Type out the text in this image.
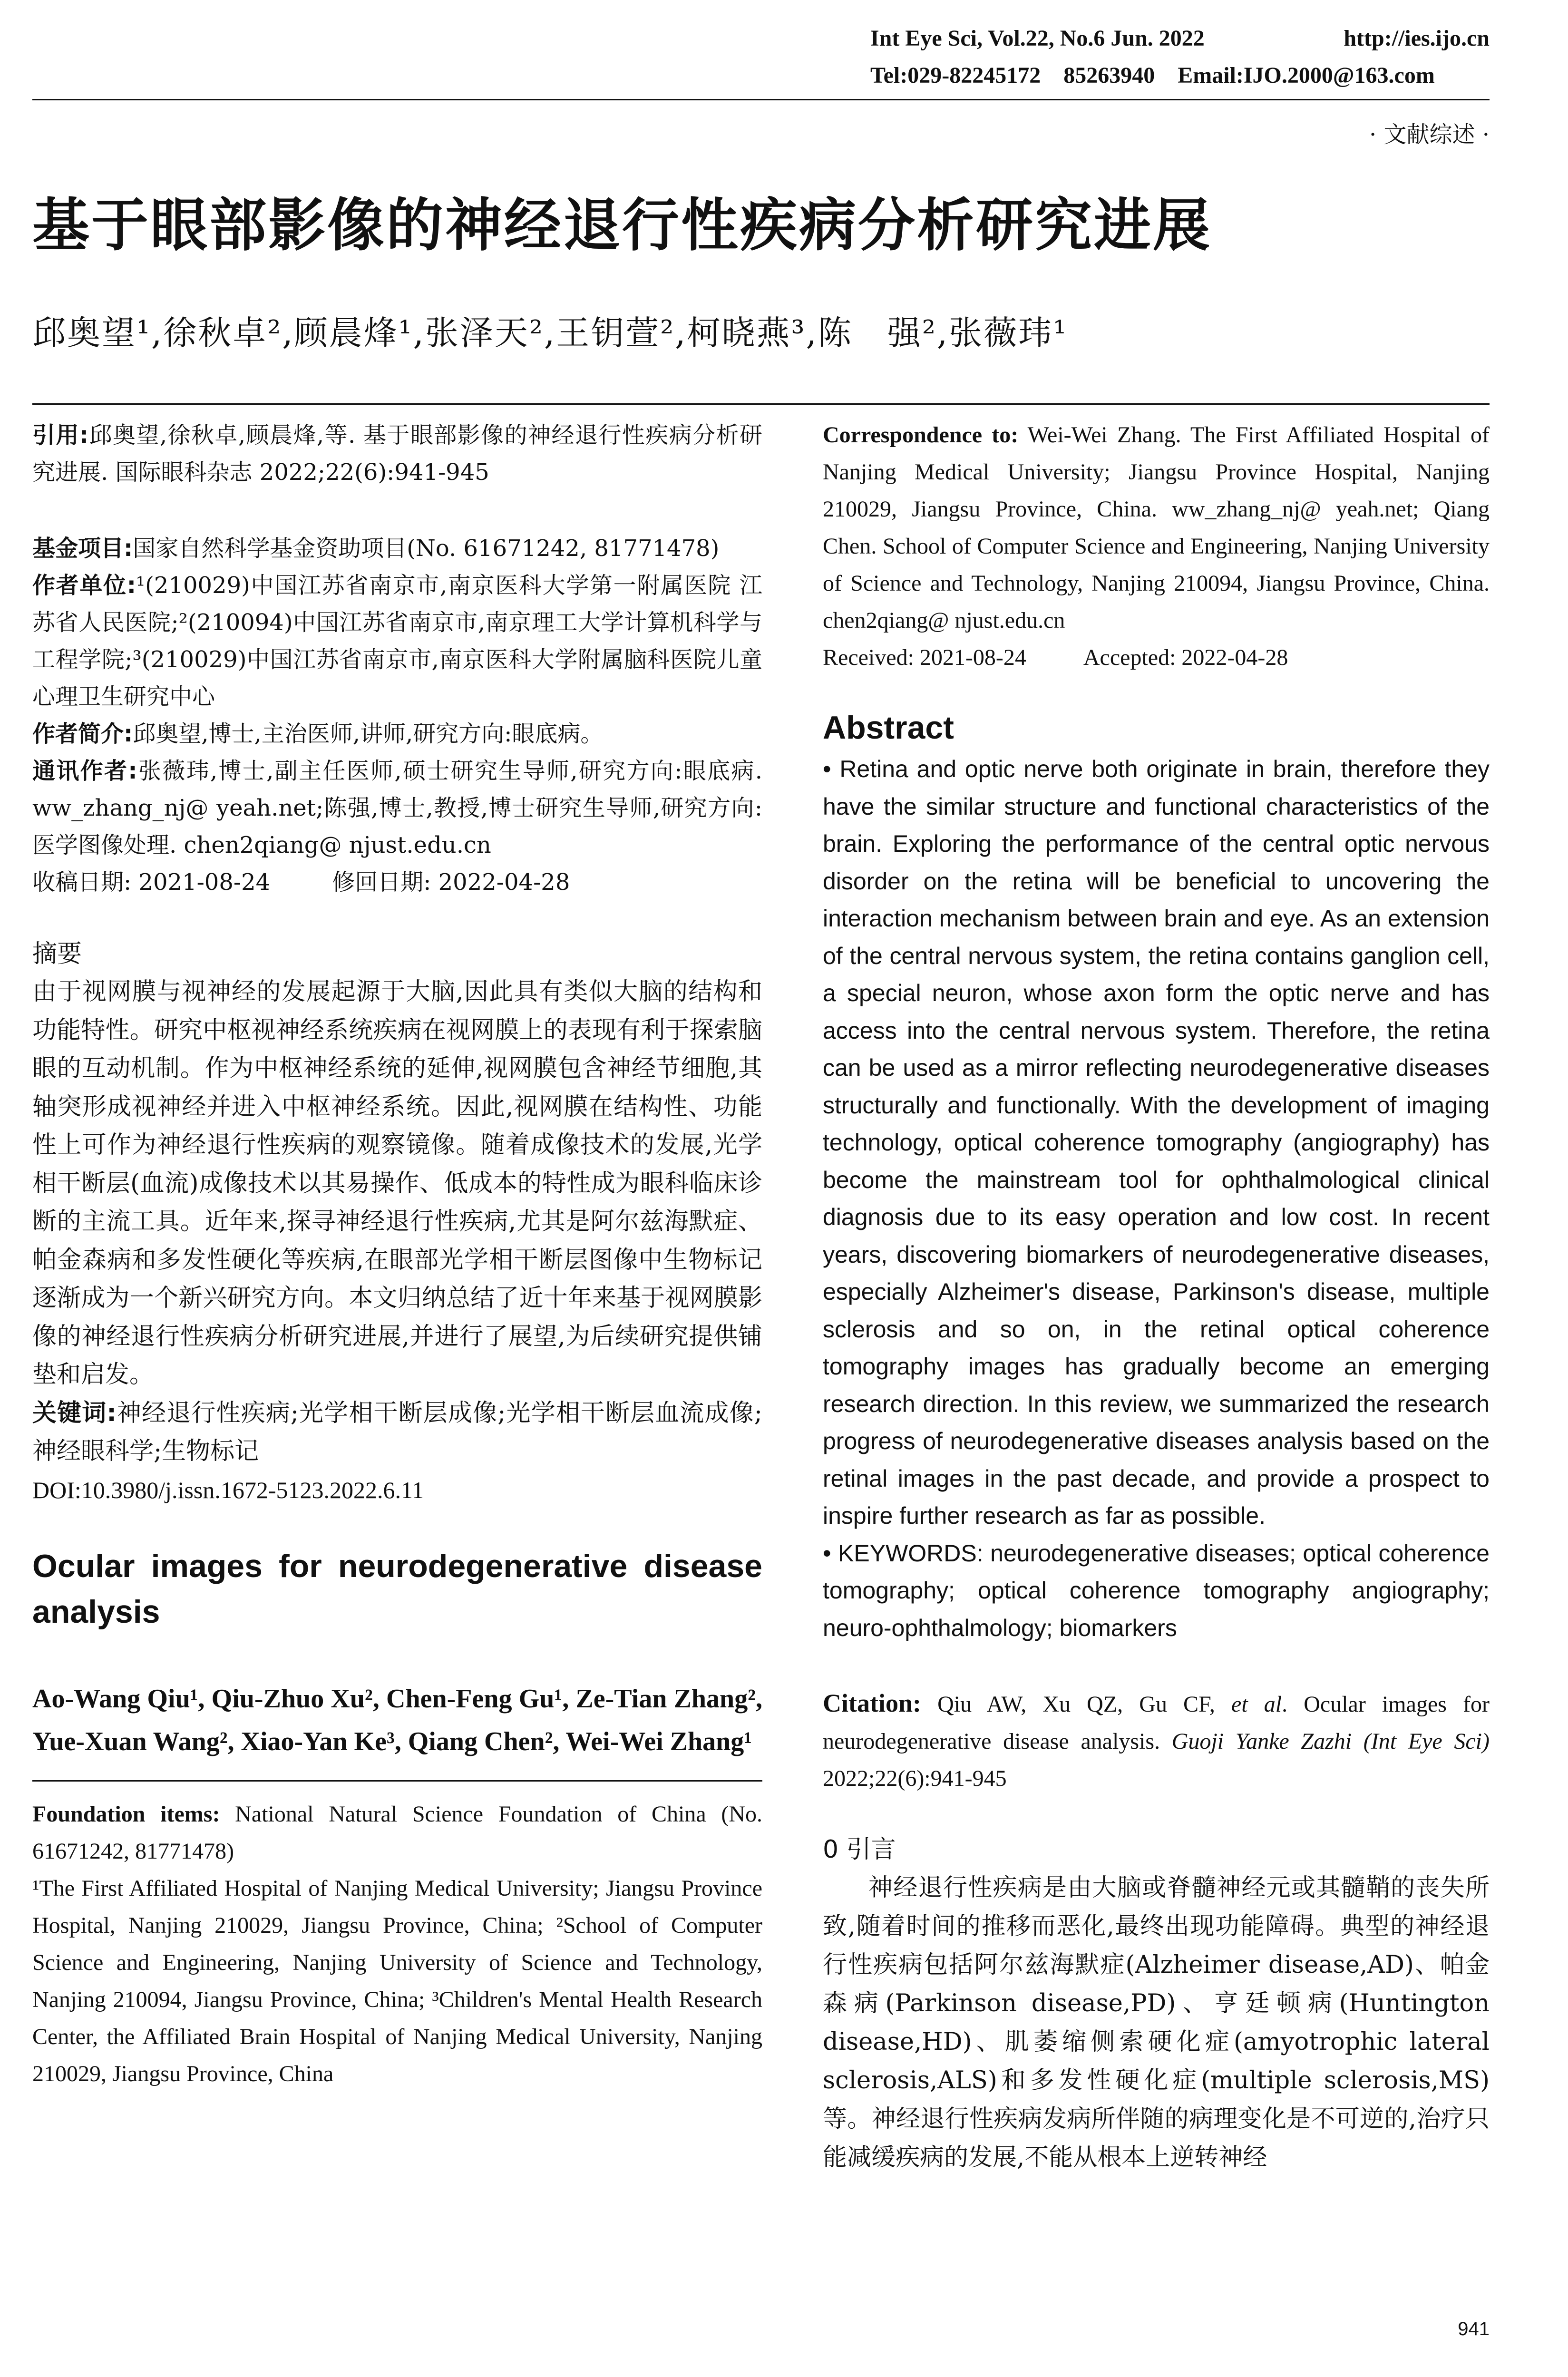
Int Eye Sci, Vol.22, No.6 Jun. 2022	http://ies.ijo.cn
Tel:029-82245172    85263940    Email:IJO.2000@163.com
· 文献综述 ·
基于眼部影像的神经退行性疾病分析研究进展
邱奥望¹,徐秋卓²,顾晨烽¹,张泽天²,王钥萱²,柯晓燕³,陈　强²,张薇玮¹

引用:邱奥望,徐秋卓,顾晨烽,等. 基于眼部影像的神经退行性疾病分析研究进展. 国际眼科杂志 2022;22(6):941-945

基金项目:国家自然科学基金资助项目(No. 61671242, 81771478)

作者单位:¹(210029)中国江苏省南京市,南京医科大学第一附属医院 江苏省人民医院;²(210094)中国江苏省南京市,南京理工大学计算机科学与工程学院;³(210029)中国江苏省南京市,南京医科大学附属脑科医院儿童心理卫生研究中心

作者简介:邱奥望,博士,主治医师,讲师,研究方向:眼底病。

通讯作者:张薇玮,博士,副主任医师,硕士研究生导师,研究方向:眼底病. ww_zhang_nj@ yeah.net;陈强,博士,教授,博士研究生导师,研究方向:医学图像处理. chen2qiang@ njust.edu.cn

收稿日期: 2021-08-24	修回日期: 2022-04-28

摘要

由于视网膜与视神经的发展起源于大脑,因此具有类似大脑的结构和功能特性。研究中枢视神经系统疾病在视网膜上的表现有利于探索脑眼的互动机制。作为中枢神经系统的延伸,视网膜包含神经节细胞,其轴突形成视神经并进入中枢神经系统。因此,视网膜在结构性、功能性上可作为神经退行性疾病的观察镜像。随着成像技术的发展,光学相干断层(血流)成像技术以其易操作、低成本的特性成为眼科临床诊断的主流工具。近年来,探寻神经退行性疾病,尤其是阿尔兹海默症、帕金森病和多发性硬化等疾病,在眼部光学相干断层图像中生物标记逐渐成为一个新兴研究方向。本文归纳总结了近十年来基于视网膜影像的神经退行性疾病分析研究进展,并进行了展望,为后续研究提供铺垫和启发。

关键词:神经退行性疾病;光学相干断层成像;光学相干断层血流成像;神经眼科学;生物标记

DOI:10.3980/j.issn.1672-5123.2022.6.11

Ocular images for neurodegenerative disease analysis
Ao-Wang Qiu¹, Qiu-Zhuo Xu², Chen-Feng Gu¹, Ze-Tian Zhang², Yue-Xuan Wang², Xiao-Yan Ke³, Qiang Chen², Wei-Wei Zhang¹

Foundation items: National Natural Science Foundation of China (No. 61671242, 81771478)

¹The First Affiliated Hospital of Nanjing Medical University; Jiangsu Province Hospital, Nanjing 210029, Jiangsu Province, China; ²School of Computer Science and Engineering, Nanjing University of Science and Technology, Nanjing 210094, Jiangsu Province, China; ³Children's Mental Health Research Center, the Affiliated Brain Hospital of Nanjing Medical University, Nanjing 210029, Jiangsu Province, China

Correspondence to: Wei-Wei Zhang. The First Affiliated Hospital of Nanjing Medical University; Jiangsu Province Hospital, Nanjing 210029, Jiangsu Province, China. ww_zhang_nj@ yeah.net; Qiang Chen. School of Computer Science and Engineering, Nanjing University of Science and Technology, Nanjing 210094, Jiangsu Province, China. chen2qiang@ njust.edu.cn

Received: 2021-08-24	Accepted: 2022-04-28

Abstract

• Retina and optic nerve both originate in brain, therefore they have the similar structure and functional characteristics of the brain. Exploring the performance of the central optic nervous disorder on the retina will be beneficial to uncovering the interaction mechanism between brain and eye. As an extension of the central nervous system, the retina contains ganglion cell, a special neuron, whose axon form the optic nerve and has access into the central nervous system. Therefore, the retina can be used as a mirror reflecting neurodegenerative diseases structurally and functionally. With the development of imaging technology, optical coherence tomography (angiography) has become the mainstream tool for ophthalmological clinical diagnosis due to its easy operation and low cost. In recent years, discovering biomarkers of neurodegenerative diseases, especially Alzheimer's disease, Parkinson's disease, multiple sclerosis and so on, in the retinal optical coherence tomography images has gradually become an emerging research direction. In this review, we summarized the research progress of neurodegenerative diseases analysis based on the retinal images in the past decade, and provide a prospect to inspire further research as far as possible.

• KEYWORDS: neurodegenerative diseases; optical coherence tomography; optical coherence tomography angiography; neuro-ophthalmology; biomarkers

Citation: Qiu AW, Xu QZ, Gu CF, et al. Ocular images for neurodegenerative disease analysis. Guoji Yanke Zazhi (Int Eye Sci) 2022;22(6):941-945

0 引言

神经退行性疾病是由大脑或脊髓神经元或其髓鞘的丧失所致,随着时间的推移而恶化,最终出现功能障碍。典型的神经退行性疾病包括阿尔兹海默症(Alzheimer disease,AD)、帕金森病(Parkinson disease,PD)、亨廷顿病(Huntington disease,HD)、肌萎缩侧索硬化症(amyotrophic lateral sclerosis,ALS)和多发性硬化症(multiple sclerosis,MS)等。神经退行性疾病发病所伴随的病理变化是不可逆的,治疗只能减缓疾病的发展,不能从根本上逆转神经

941
